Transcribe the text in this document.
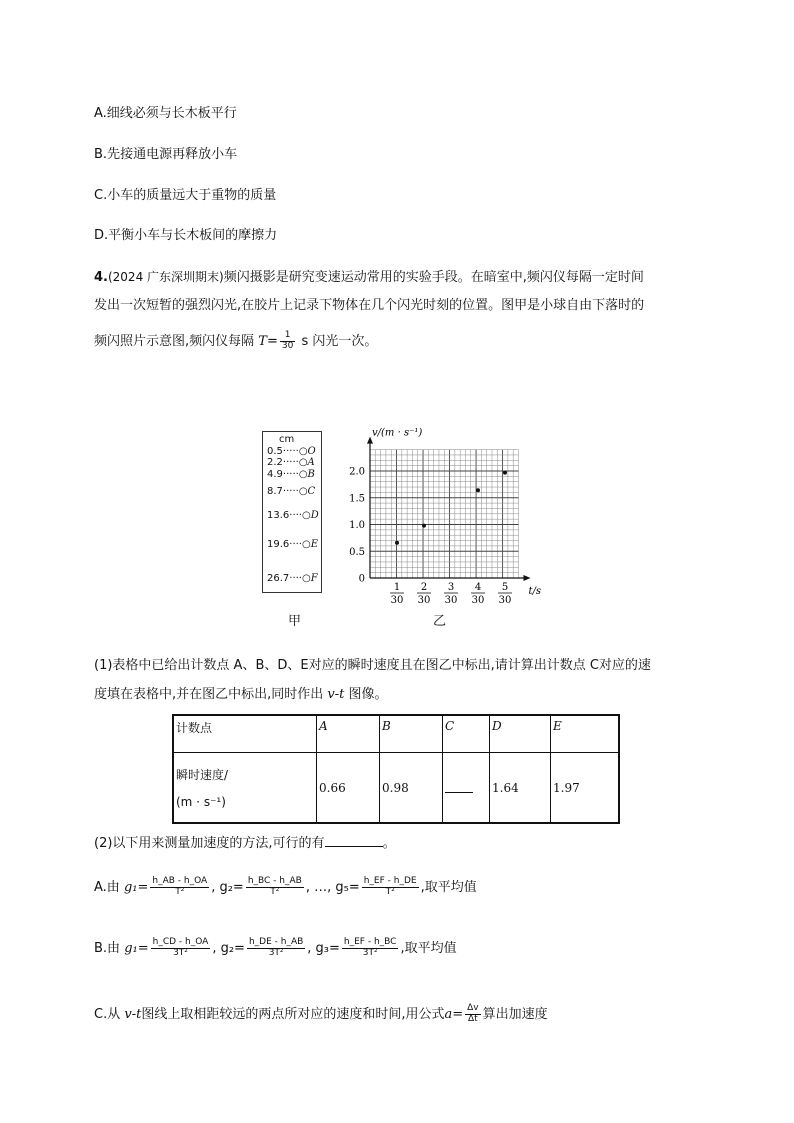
A.细线必须与长木板平行
B.先接通电源再释放小车
C.小车的质量远大于重物的质量
D.平衡小车与长木板间的摩擦力
4.(2024 广东深圳期末)频闪摄影是研究变速运动常用的实验手段。在暗室中,频闪仪每隔一定时间
发出一次短暂的强烈闪光,在胶片上记录下物体在几个闪光时刻的位置。图甲是小球自由下落时的
频闪照片示意图,频闪仪每隔 $T= \frac{1}{30}$ s 闪光一次。
cm
0.5·····○O
2.2·····○A
4.9·····○B
8.7·····○C
13.6····○D
19.6····○E
26.7····○F
甲
v/(m · s⁻¹)
t/s
0
0.5
1.0
1.5
2.0
1
30
2
30
3
30
4
30
5
30
乙
(1)表格中已给出计数点 A、B、D、E对应的瞬时速度且在图乙中标出,请计算出计数点 C对应的速
度填在表格中,并在图乙中标出,同时作出 v-t 图像。
计数点	A	B	C	D	E

瞬时速度/
(m · s⁻¹)	0.66	0.98		1.64	1.97
(2)以下用来测量加速度的方法,可行的有	。
A.由 $g_1= \frac{h\_AB - h\_OA}{\text{T²}}$ , $g_2= \frac{h\_BC - h\_AB}{\text{T²}}$ , …, $g_5= \frac{h\_EF - h\_DE}{\text{T²}}$ ,取平均值
B.由 $g_1= \frac{h\_CD - h\_OA}{\text{3T²}}$ , $g_2= \frac{h\_DE - h\_AB}{\text{3T²}}$ , $g_3= \frac{h\_EF - h\_BC}{\text{3T²}}$ ,取平均值
C.从 v-t图线上取相距较远的两点所对应的速度和时间,用公式$a= \frac{\Delta v}{\Delta t}$ 算出加速度
